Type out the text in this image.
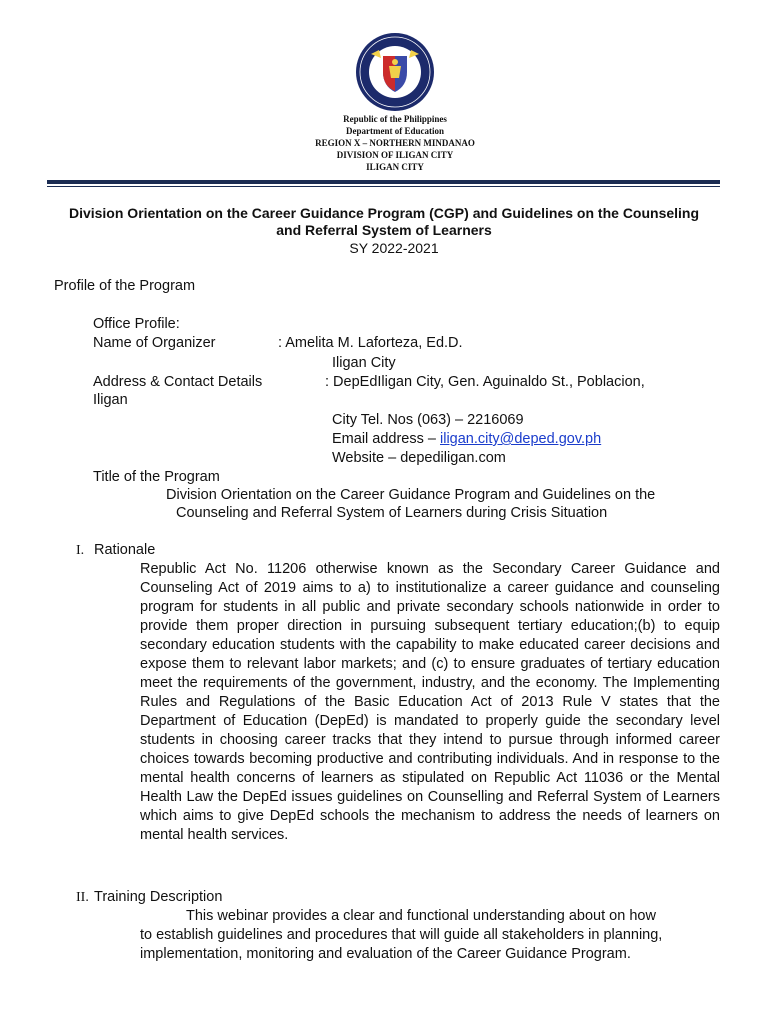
Republic of the Philippines
Department of Education
REGION X – NORTHERN MINDANAO
DIVISION OF ILIGAN CITY
ILIGAN CITY
Division Orientation on the Career Guidance Program (CGP) and Guidelines on the Counseling
and Referral System of Learners
SY 2022-2021
Profile of the Program
Office Profile:
Name of Organizer	: Amelita M. Laforteza, Ed.D.
Iligan City
Address & Contact Details	: DepEdIligan City, Gen. Aguinaldo St., Poblacion,
Iligan
City Tel. Nos (063) – 2216069
Email address – iligan.city@deped.gov.ph
Website – depediligan.com
Title of the Program
Division Orientation on the Career Guidance Program and Guidelines on the
Counseling and Referral System of Learners during Crisis Situation
I. Rationale
Republic Act No. 11206 otherwise known as the Secondary Career Guidance and Counseling Act of 2019 aims to a) to institutionalize a career guidance and counseling program for students in all public and private secondary schools nationwide in order to provide them proper direction in pursuing subsequent tertiary education;(b) to equip secondary education students with the capability to make educated career decisions and expose them to relevant labor markets; and (c) to ensure graduates of tertiary education meet the requirements of the government, industry, and the economy. The Implementing Rules and Regulations of the Basic Education Act of 2013 Rule V states that the Department of Education (DepEd) is mandated to properly guide the secondary level students in choosing career tracks that they intend to pursue through informed career choices towards becoming productive and contributing individuals. And in response to the mental health concerns of learners as stipulated on Republic Act 11036 or the Mental Health Law the DepEd issues guidelines on Counselling and Referral System of Learners which aims to give DepEd schools the mechanism to address the needs of learners on mental health services.
II. Training Description
This webinar provides a clear and functional understanding about on how
to establish guidelines and procedures that will guide all stakeholders in planning,
implementation, monitoring and evaluation of the Career Guidance Program.
